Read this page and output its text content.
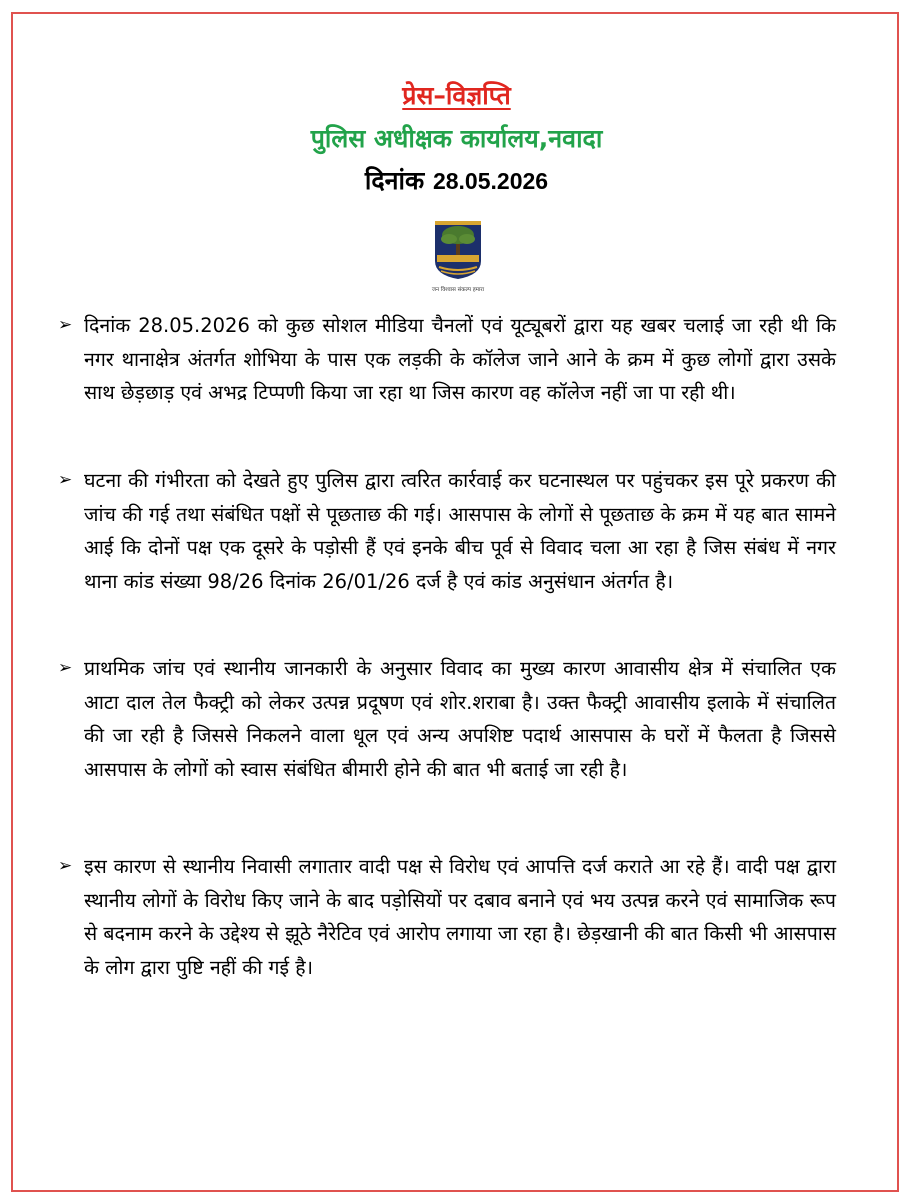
प्रेस–विज्ञप्ति
पुलिस अधीक्षक कार्यालय,नवादा
दिनांक 28.05.2026
जन विश्वास संकल्प हमारा
➢ दिनांक 28.05.2026 को कुछ सोशल मीडिया चैनलों एवं यूट्यूबरों द्वारा यह खबर चलाई जा रही थी कि नगर थानाक्षेत्र अंतर्गत शोभिया के पास एक लड़की के कॉलेज जाने आने के क्रम में कुछ लोगों द्वारा उसके साथ छेड़छाड़ एवं अभद्र टिप्पणी किया जा रहा था जिस कारण वह कॉलेज नहीं जा पा रही थी।
➢ घटना की गंभीरता को देखते हुए पुलिस द्वारा त्वरित कार्रवाई कर घटनास्थल पर पहुंचकर इस पूरे प्रकरण की जांच की गई तथा संबंधित पक्षों से पूछताछ की गई। आसपास के लोगों से पूछताछ के क्रम में यह बात सामने आई कि दोनों पक्ष एक दूसरे के पड़ोसी हैं एवं इनके बीच पूर्व से विवाद चला आ रहा है जिस संबंध में नगर थाना कांड संख्या 98/26 दिनांक 26/01/26 दर्ज है एवं कांड अनुसंधान अंतर्गत है।
➢ प्राथमिक जांच एवं स्थानीय जानकारी के अनुसार विवाद का मुख्य कारण आवासीय क्षेत्र में संचालित एक आटा दाल तेल फैक्ट्री को लेकर उत्पन्न प्रदूषण एवं शोर.शराबा है। उक्त फैक्ट्री आवासीय इलाके में संचालित की जा रही है जिससे निकलने वाला धूल एवं अन्य अपशिष्ट पदार्थ आसपास के घरों में फैलता है जिससे आसपास के लोगों को स्वास संबंधित बीमारी होने की बात भी बताई जा रही है।
➢ इस कारण से स्थानीय निवासी लगातार वादी पक्ष से विरोध एवं आपत्ति दर्ज कराते आ रहे हैं। वादी पक्ष द्वारा स्थानीय लोगों के विरोध किए जाने के बाद पड़ोसियों पर दबाव बनाने एवं भय उत्पन्न करने एवं सामाजिक रूप से बदनाम करने के उद्देश्य से झूठे नैरेटिव एवं आरोप लगाया जा रहा है। छेड़खानी की बात किसी भी आसपास के लोग द्वारा पुष्टि नहीं की गई है।
